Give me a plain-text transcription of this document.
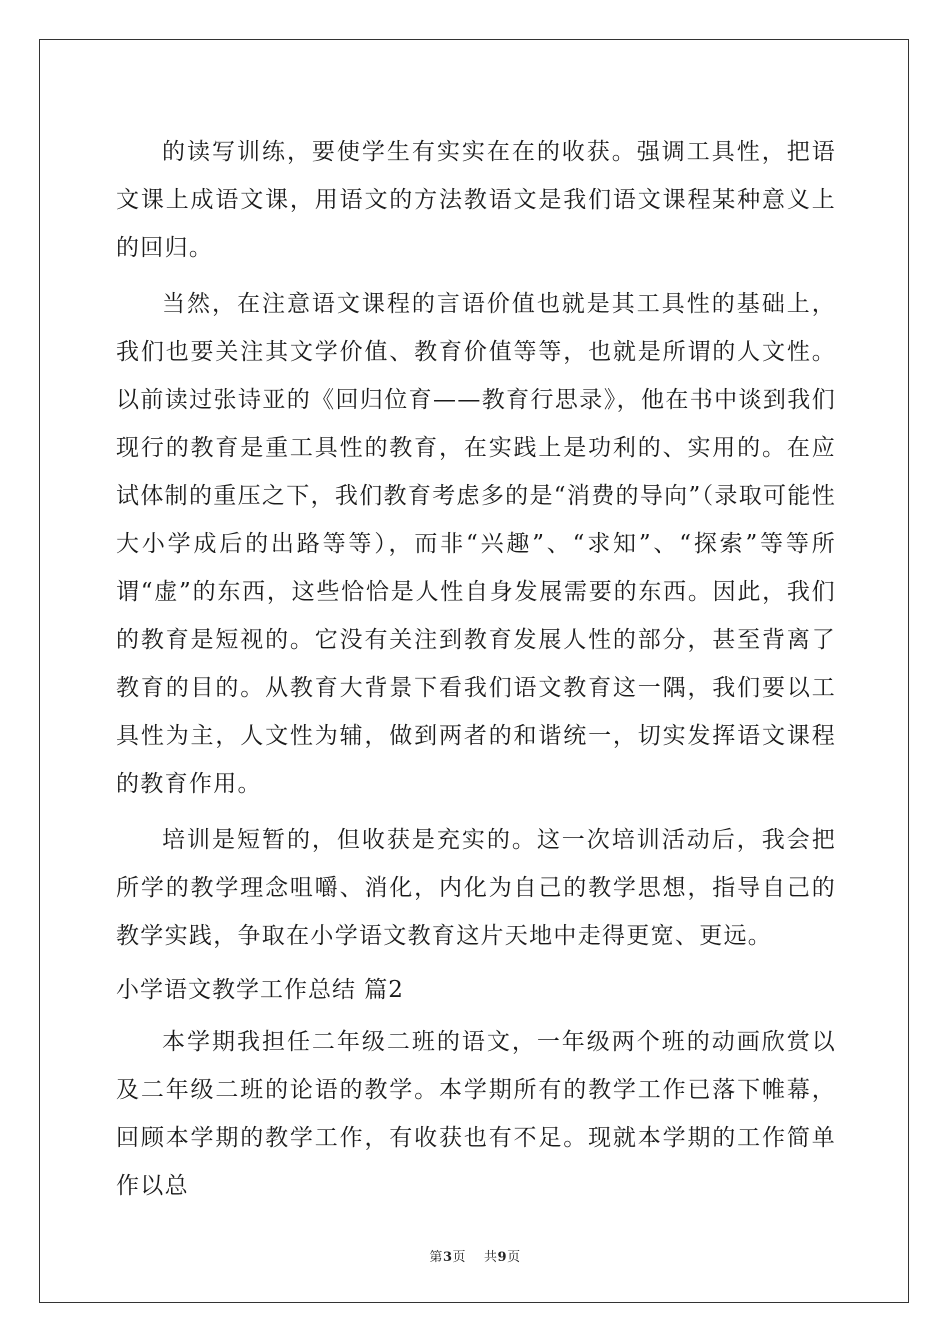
的读写训练，要使学生有实实在在的收获。强调工具性，把语文课上成语文课，用语文的方法教语文是我们语文课程某种意义上的回归。

当然，在注意语文课程的言语价值也就是其工具性的基础上，我们也要关注其文学价值、教育价值等等，也就是所谓的人文性。以前读过张诗亚的《回归位育——教育行思录》，他在书中谈到我们现行的教育是重工具性的教育，在实践上是功利的、实用的。在应试体制的重压之下，我们教育考虑多的是“消费的导向”（录取可能性大小学成后的出路等等），而非“兴趣”、“求知”、“探索”等等所谓“虚”的东西，这些恰恰是人性自身发展需要的东西。因此，我们的教育是短视的。它没有关注到教育发展人性的部分，甚至背离了教育的目的。从教育大背景下看我们语文教育这一隅，我们要以工具性为主，人文性为辅，做到两者的和谐统一，切实发挥语文课程的教育作用。

培训是短暂的，但收获是充实的。这一次培训活动后，我会把所学的教学理念咀嚼、消化，内化为自己的教学思想，指导自己的教学实践，争取在小学语文教育这片天地中走得更宽、更远。

小学语文教学工作总结 篇2

本学期我担任二年级二班的语文，一年级两个班的动画欣赏以及二年级二班的论语的教学。本学期所有的教学工作已落下帷幕，回顾本学期的教学工作，有收获也有不足。现就本学期的工作简单作以总

第3页 共9页
